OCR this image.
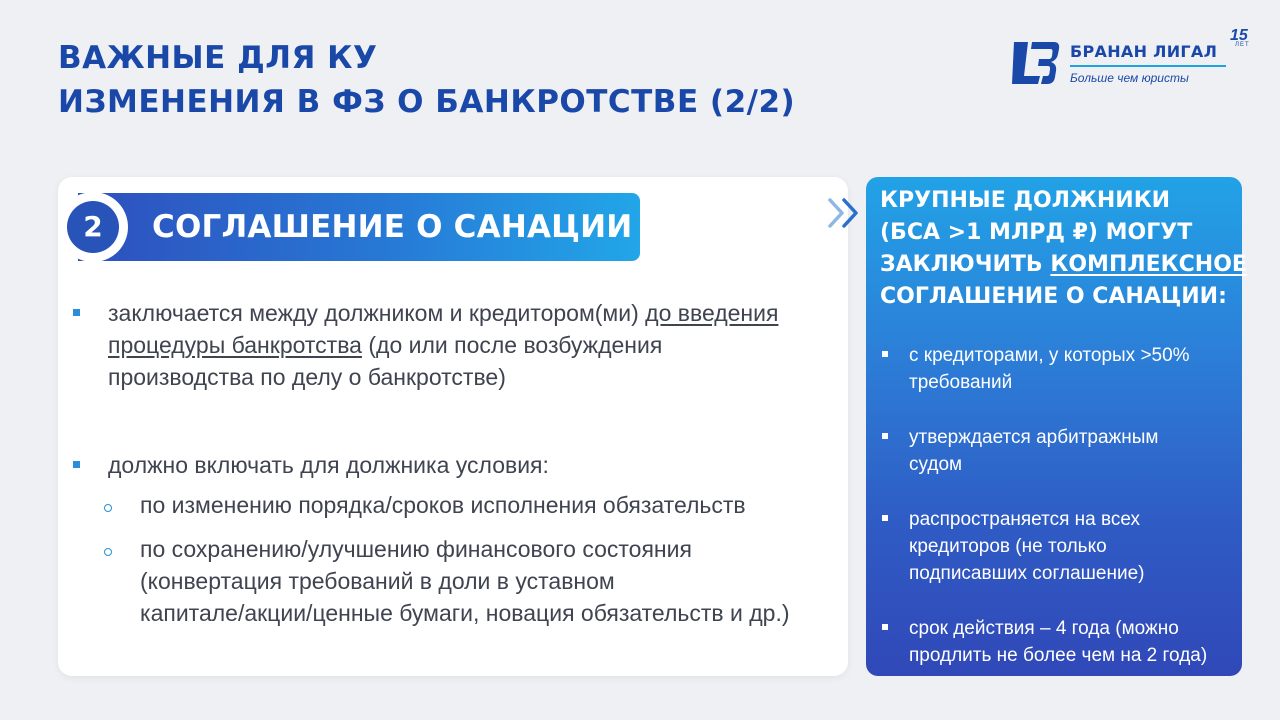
ВАЖНЫЕ ДЛЯ КУ
ИЗМЕНЕНИЯ В ФЗ О БАНКРОТСТВЕ (2/2)
БРАНАН ЛИГАЛ
Больше чем юристы
15
ЛЕТ
2	СОГЛАШЕНИЕ О САНАЦИИ
заключается между должником и кредитором(ми) до введения
процедуры банкротства (до или после возбуждения
производства по делу о банкротстве)
должно включать для должника условия:
по изменению порядка/сроков исполнения обязательств
по сохранению/улучшению финансового состояния
(конвертация требований в доли в уставном
капитале/акции/ценные бумаги, новация обязательств и др.)
КРУПНЫЕ ДОЛЖНИКИ
(БСА >1 МЛРД ₽) МОГУТ
ЗАКЛЮЧИТЬ КОМПЛЕКСНОЕ
СОГЛАШЕНИЕ О САНАЦИИ:
с кредиторами, у которых >50% требований
утверждается арбитражным судом
распространяется на всех кредиторов (не только подписавших соглашение)
срок действия – 4 года (можно продлить не более чем на 2 года)
